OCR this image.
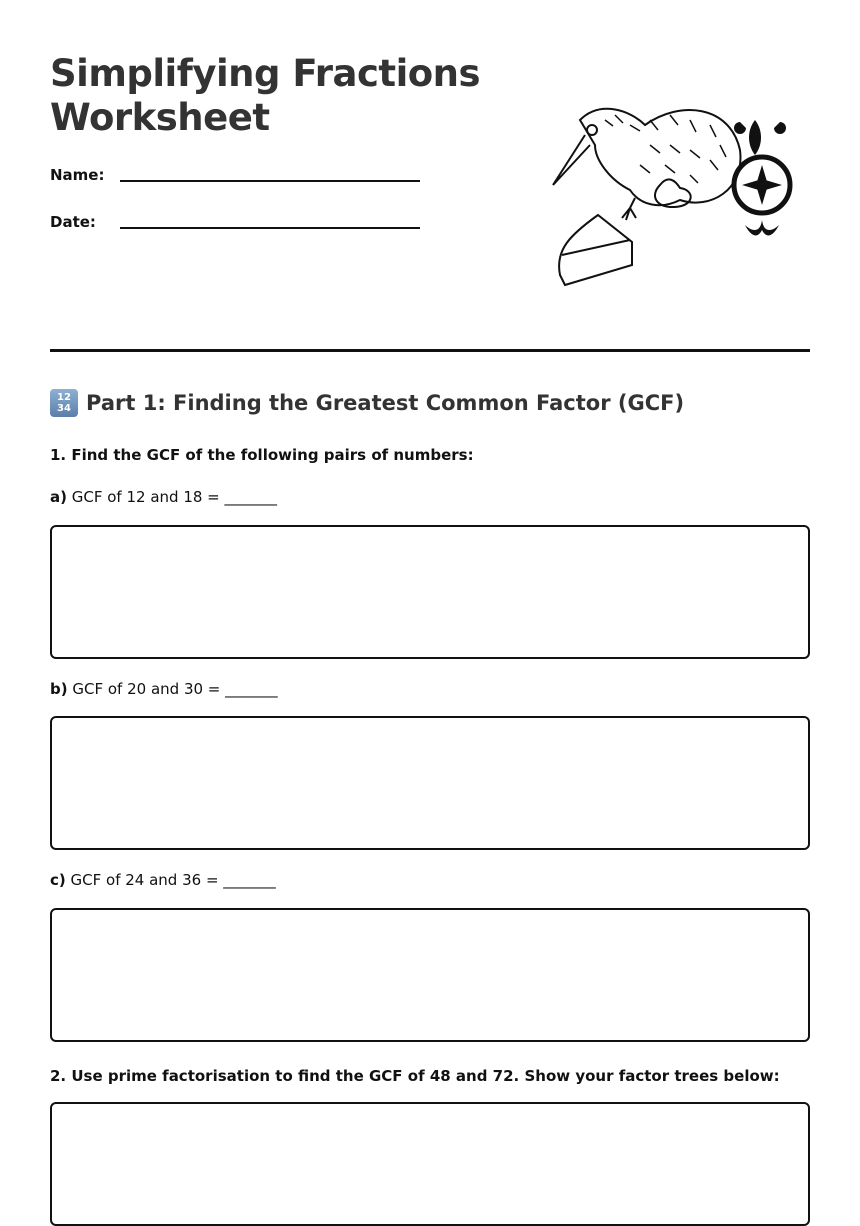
Simplifying Fractions
Worksheet
Name:
Date:
12
34 Part 1: Finding the Greatest Common Factor (GCF)
1. Find the GCF of the following pairs of numbers:
a) GCF of 12 and 18 = _______
b) GCF of 20 and 30 = _______
c) GCF of 24 and 36 = _______
2. Use prime factorisation to find the GCF of 48 and 72. Show your factor trees below:
